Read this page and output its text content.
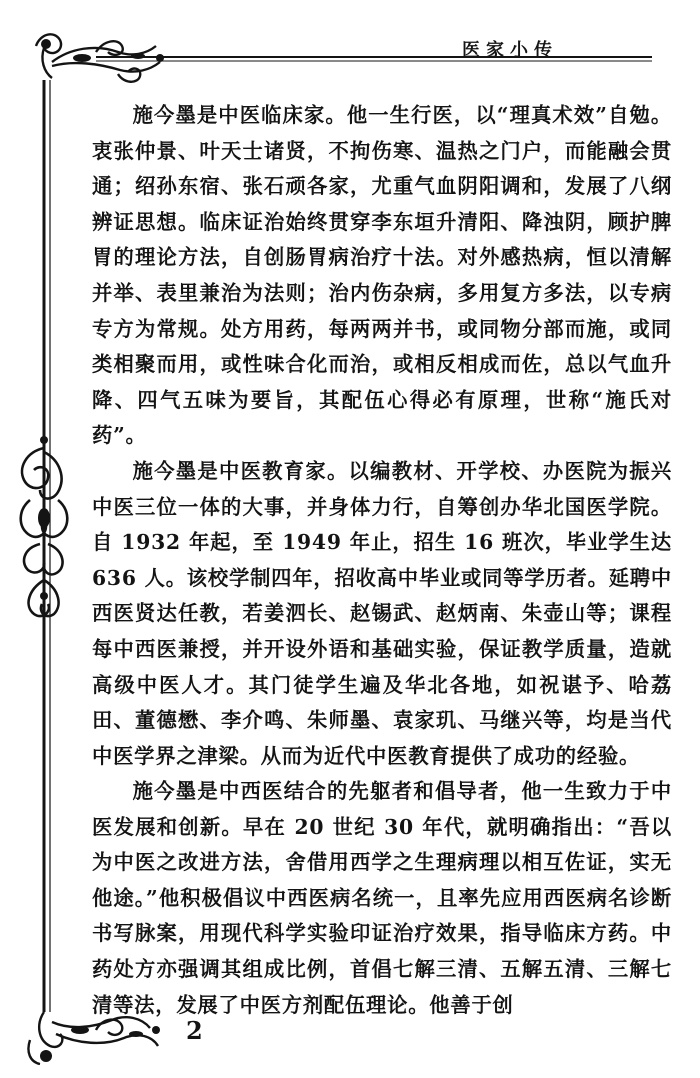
医家小传

施今墨是中医临床家。他一生行医，以“理真术效”自勉。衷张仲景、叶天士诸贤，不拘伤寒、温热之门户，而能融会贯通；绍孙东宿、张石顽各家，尤重气血阴阳调和，发展了八纲辨证思想。临床证治始终贯穿李东垣升清阳、降浊阴，顾护脾胃的理论方法，自创肠胃病治疗十法。对外感热病，恒以清解并举、表里兼治为法则；治内伤杂病，多用复方多法，以专病专方为常规。处方用药，每两两并书，或同物分部而施，或同类相聚而用，或性味合化而治，或相反相成而佐，总以气血升降、四气五味为要旨，其配伍心得必有原理，世称“施氏对药”。

施今墨是中医教育家。以编教材、开学校、办医院为振兴中医三位一体的大事，并身体力行，自筹创办华北国医学院。自 1932 年起，至 1949 年止，招生 16 班次，毕业学生达 636 人。该校学制四年，招收高中毕业或同等学历者。延聘中西医贤达任教，若姜泗长、赵锡武、赵炳南、朱壶山等；课程每中西医兼授，并开设外语和基础实验，保证教学质量，造就高级中医人才。其门徒学生遍及华北各地，如祝谌予、哈荔田、董德懋、李介鸣、朱师墨、袁家玑、马继兴等，均是当代中医学界之津梁。从而为近代中医教育提供了成功的经验。

施今墨是中西医结合的先躯者和倡导者，他一生致力于中医发展和创新。早在 20 世纪 30 年代，就明确指出：“吾以为中医之改进方法，舍借用西学之生理病理以相互佐证，实无他途。”他积极倡议中西医病名统一，且率先应用西医病名诊断书写脉案，用现代科学实验印证治疗效果，指导临床方药。中药处方亦强调其组成比例，首倡七解三清、五解五清、三解七清等法，发展了中医方剂配伍理论。他善于创

2
